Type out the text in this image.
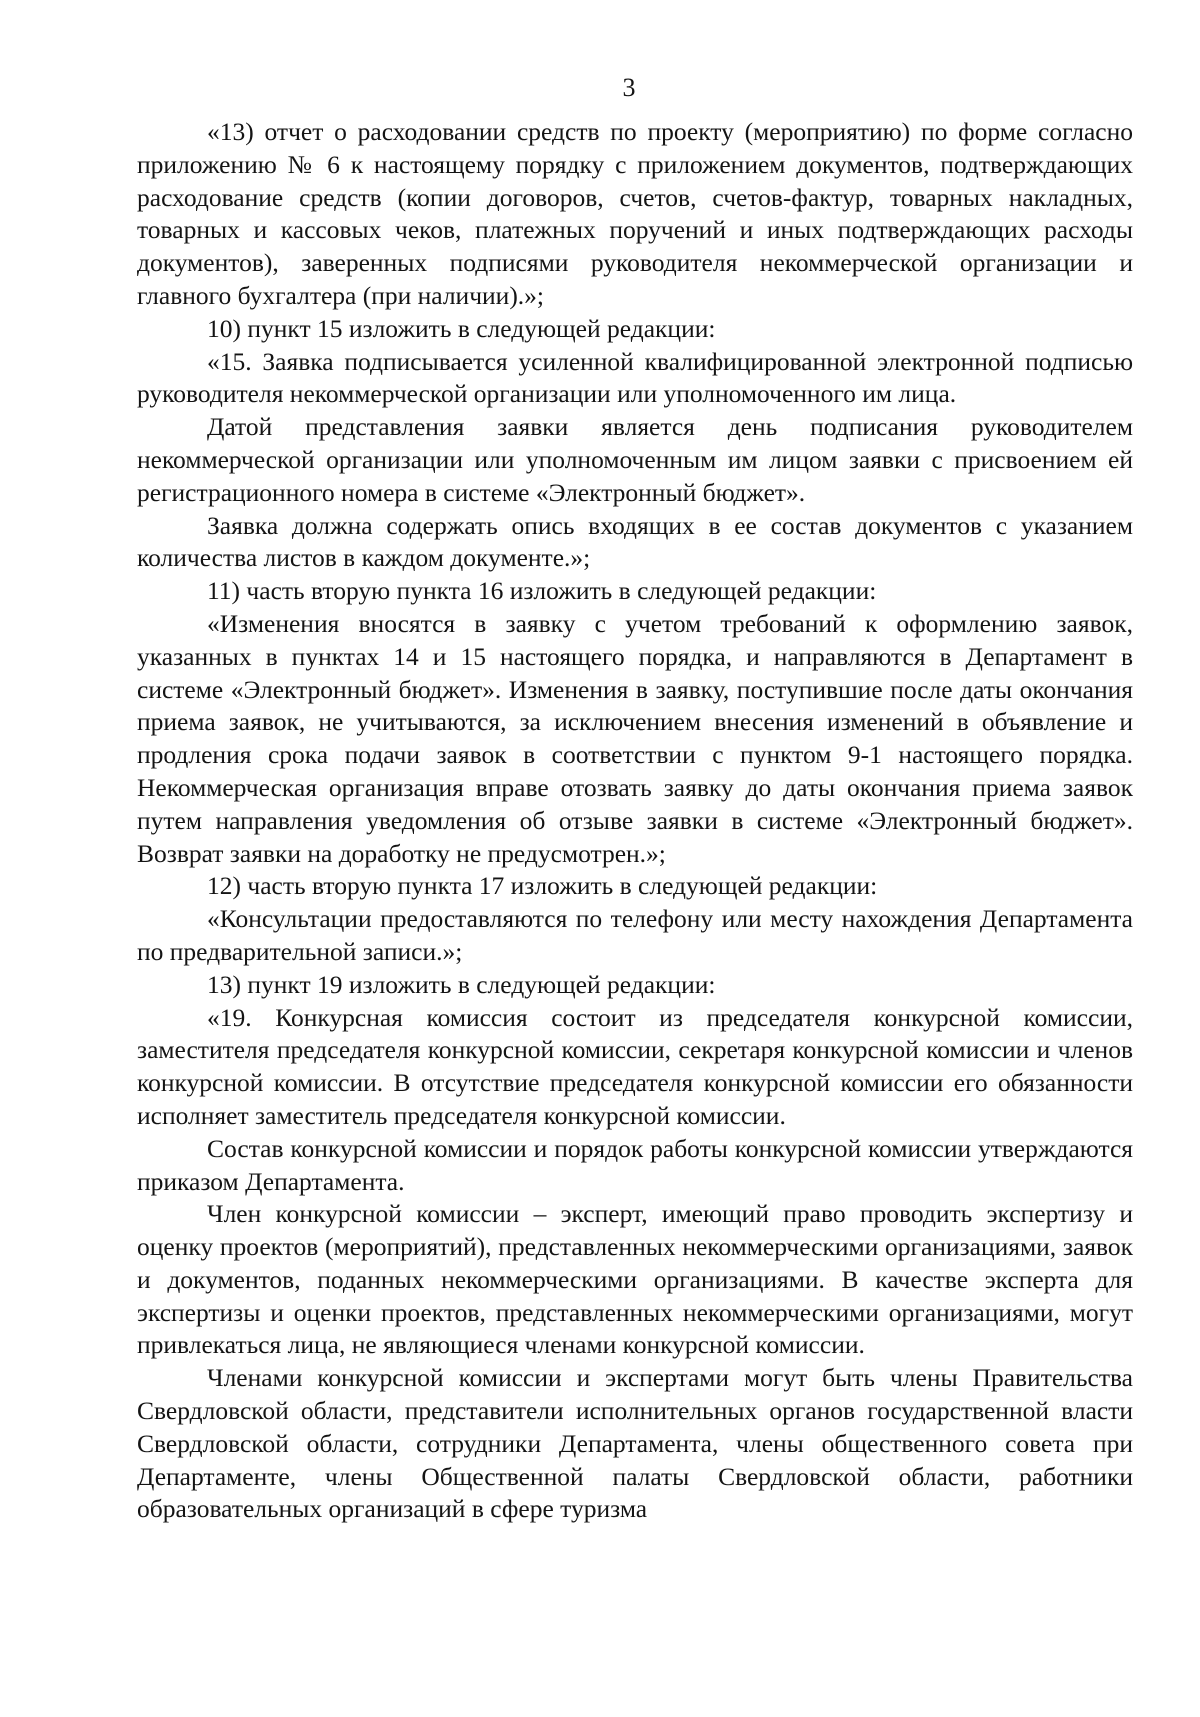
3

«13) отчет о расходовании средств по проекту (мероприятию) по форме согласно приложению № 6 к настоящему порядку с приложением документов, подтверждающих расходование средств (копии договоров, счетов, счетов-фактур, товарных накладных, товарных и кассовых чеков, платежных поручений и иных подтверждающих расходы документов), заверенных подписями руководителя некоммерческой организации и главного бухгалтера (при наличии).»;

10) пункт 15 изложить в следующей редакции:

«15. Заявка подписывается усиленной квалифицированной электронной подписью руководителя некоммерческой организации или уполномоченного им лица.

Датой представления заявки является день подписания руководителем некоммерческой организации или уполномоченным им лицом заявки с присвоением ей регистрационного номера в системе «Электронный бюджет».

Заявка должна содержать опись входящих в ее состав документов с указанием количества листов в каждом документе.»;

11) часть вторую пункта 16 изложить в следующей редакции:

«Изменения вносятся в заявку с учетом требований к оформлению заявок, указанных в пунктах 14 и 15 настоящего порядка, и направляются в Департамент в системе «Электронный бюджет». Изменения в заявку, поступившие после даты окончания приема заявок, не учитываются, за исключением внесения изменений в объявление и продления срока подачи заявок в соответствии с пунктом 9-1 настоящего порядка. Некоммерческая организация вправе отозвать заявку до даты окончания приема заявок путем направления уведомления об отзыве заявки в системе «Электронный бюджет». Возврат заявки на доработку не предусмотрен.»;

12) часть вторую пункта 17 изложить в следующей редакции:

«Консультации предоставляются по телефону или месту нахождения Департамента по предварительной записи.»;

13) пункт 19 изложить в следующей редакции:

«19. Конкурсная комиссия состоит из председателя конкурсной комиссии, заместителя председателя конкурсной комиссии, секретаря конкурсной комиссии и членов конкурсной комиссии. В отсутствие председателя конкурсной комиссии его обязанности исполняет заместитель председателя конкурсной комиссии.

Состав конкурсной комиссии и порядок работы конкурсной комиссии утверждаются приказом Департамента.

Член конкурсной комиссии – эксперт, имеющий право проводить экспертизу и оценку проектов (мероприятий), представленных некоммерческими организациями, заявок и документов, поданных некоммерческими организациями. В качестве эксперта для экспертизы и оценки проектов, представленных некоммерческими организациями, могут привлекаться лица, не являющиеся членами конкурсной комиссии.

Членами конкурсной комиссии и экспертами могут быть члены Правительства Свердловской области, представители исполнительных органов государственной власти Свердловской области, сотрудники Департамента, члены общественного совета при Департаменте, члены Общественной палаты Свердловской области, работники образовательных организаций в сфере туризма
